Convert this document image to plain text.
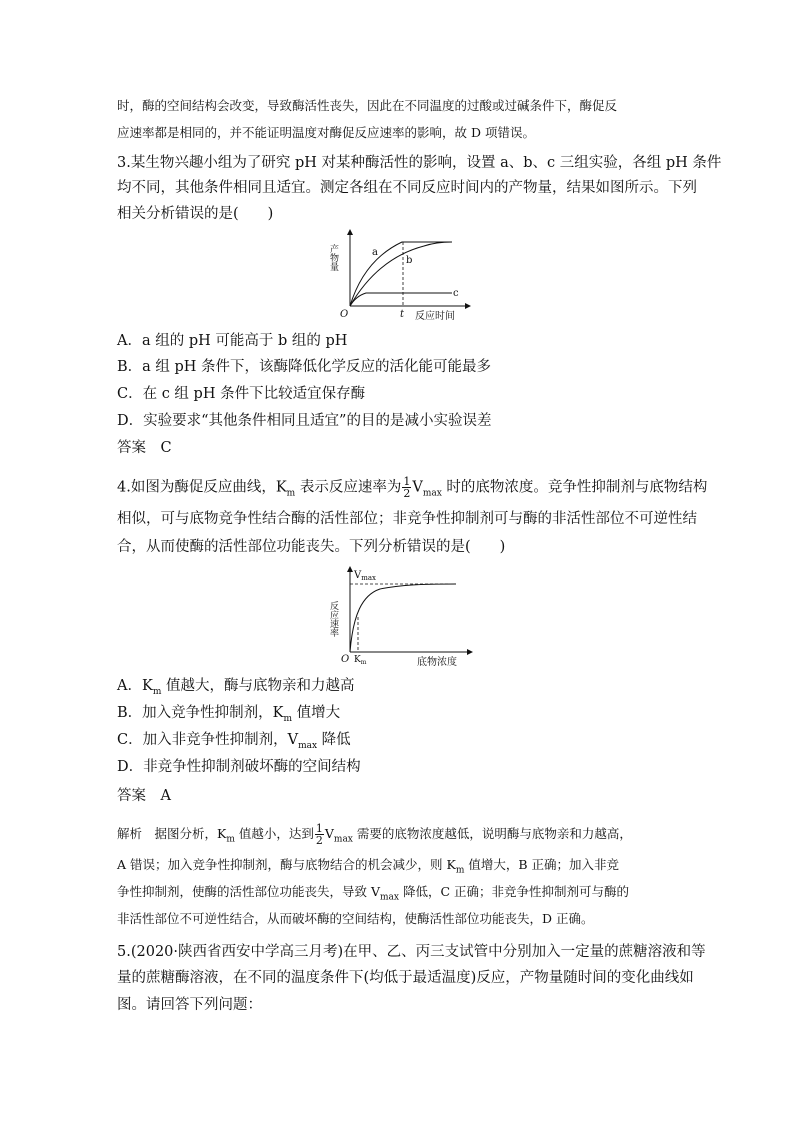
时，酶的空间结构会改变，导致酶活性丧失，因此在不同温度的过酸或过碱条件下，酶促反
应速率都是相同的，并不能证明温度对酶促反应速率的影响，故 D 项错误。
3.某生物兴趣小组为了研究 pH 对某种酶活性的影响，设置 a、b、c 三组实验，各组 pH 条件
均不同，其他条件相同且适宜。测定各组在不同反应时间内的产物量，结果如图所示。下列
相关分析错误的是(　　)
产物量	a
b
c
O	t 反应时间
A．a 组的 pH 可能高于 b 组的 pH
B．a 组 pH 条件下，该酶降低化学反应的活化能可能最多
C．在 c 组 pH 条件下比较适宜保存酶
D．实验要求“其他条件相同且适宜”的目的是减小实验误差
答案　C
4.如图为酶促反应曲线，$K_m$ 表示反应速率为 $\frac{1}{2} V_{max}$ 时的底物浓度。竞争性抑制剂与底物结构
相似，可与底物竞争性结合酶的活性部位；非竞争性抑制剂可与酶的非活性部位不可逆性结
合，从而使酶的活性部位功能丧失。下列分析错误的是(　　)
反应速率
$V_{max}$
O $K_m$	底物浓度
A．$K_m$ 值越大，酶与底物亲和力越高
B．加入竞争性抑制剂，$K_m$ 值增大
C．加入非竞争性抑制剂，$V_{max}$ 降低
D．非竞争性抑制剂破坏酶的空间结构
答案　A
解析　据图分析，$K_m$ 值越小，达到 $\frac{1}{2} V_{max}$ 需要的底物浓度越低，说明酶与底物亲和力越高，
A 错误；加入竞争性抑制剂，酶与底物结合的机会减少，则 $K_m$ 值增大，B 正确；加入非竞
争性抑制剂，使酶的活性部位功能丧失，导致 $V_{max}$ 降低，C 正确；非竞争性抑制剂可与酶的
非活性部位不可逆性结合，从而破坏酶的空间结构，使酶活性部位功能丧失，D 正确。
5.(2020·陕西省西安中学高三月考)在甲、乙、丙三支试管中分别加入一定量的蔗糖溶液和等
量的蔗糖酶溶液，在不同的温度条件下(均低于最适温度)反应，产物量随时间的变化曲线如
图。请回答下列问题：
